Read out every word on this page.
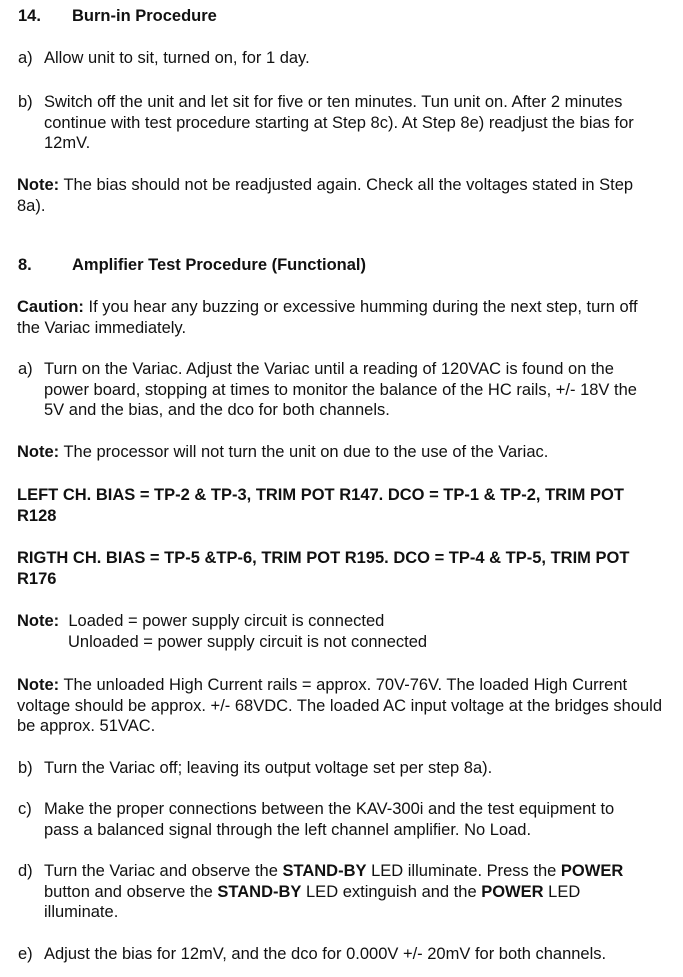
14. Burn-in Procedure
a) Allow unit to sit, turned on, for 1 day.
b) Switch off the unit and let sit for five or ten minutes. Tun unit on. After 2 minutes continue with test procedure starting at Step 8c). At Step 8e) readjust the bias for 12mV.
Note: The bias should not be readjusted again. Check all the voltages stated in Step 8a).
8. Amplifier Test Procedure (Functional)
Caution: If you hear any buzzing or excessive humming during the next step, turn off the Variac immediately.
a) Turn on the Variac. Adjust the Variac until a reading of 120VAC is found on the power board, stopping at times to monitor the balance of the HC rails, +/- 18V the 5V and the bias, and the dco for both channels.
Note: The processor will not turn the unit on due to the use of the Variac.
LEFT CH. BIAS = TP-2 & TP-3, TRIM POT R147. DCO = TP-1 & TP-2, TRIM POT R128
RIGTH CH. BIAS = TP-5 &TP-6, TRIM POT R195. DCO = TP-4 & TP-5, TRIM POT R176
Note: Loaded = power supply circuit is connected
Unloaded = power supply circuit is not connected
Note: The unloaded High Current rails = approx. 70V-76V. The loaded High Current voltage should be approx. +/- 68VDC. The loaded AC input voltage at the bridges should be approx. 51VAC.
b) Turn the Variac off; leaving its output voltage set per step 8a).
c) Make the proper connections between the KAV-300i and the test equipment to pass a balanced signal through the left channel amplifier. No Load.
d) Turn the Variac and observe the STAND-BY LED illuminate. Press the POWER button and observe the STAND-BY LED extinguish and the POWER LED illuminate.
e) Adjust the bias for 12mV, and the dco for 0.000V +/- 20mV for both channels.
